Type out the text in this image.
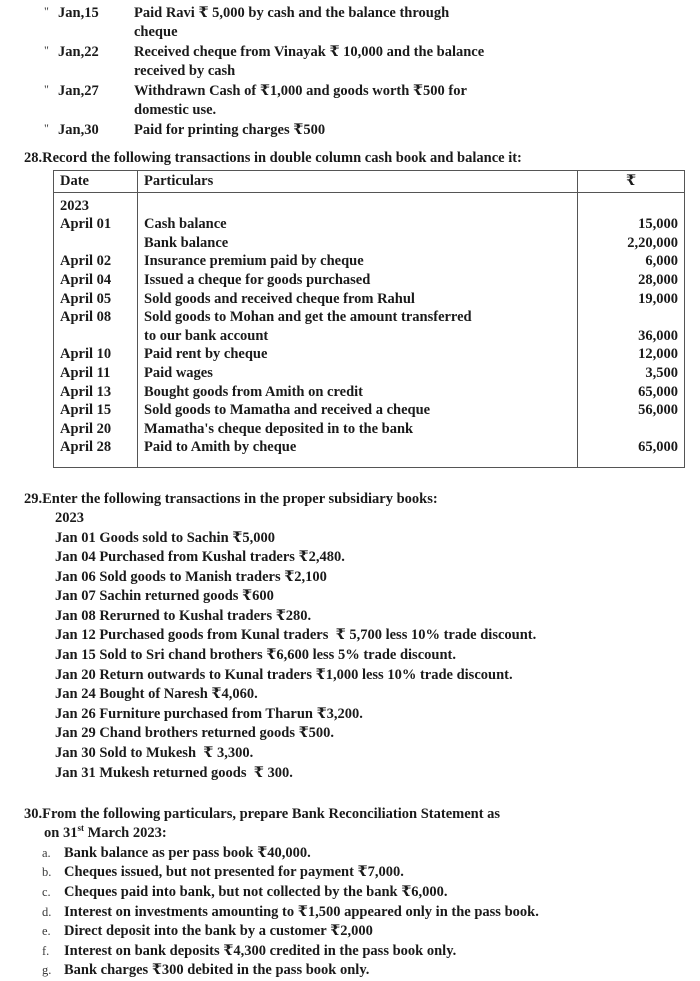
" Jan,15	Paid Ravi ₹ 5,000 by cash and the balance through
cheque
" Jan,22	Received cheque from Vinayak ₹ 10,000 and the balance
received by cash
" Jan,27	Withdrawn Cash of ₹1,000 and goods worth ₹500 for
domestic use.
" Jan,30	Paid for printing charges ₹500
28. Record the following transactions in double column cash book and balance it:
Date	Particulars	₹

2023		
April 01	Cash balance	15,000
	Bank balance	2,20,000
April 02	Insurance premium paid by cheque	6,000
April 04	Issued a cheque for goods purchased	28,000
April 05	Sold goods and received cheque from Rahul	19,000
April 08	Sold goods to Mohan and get the amount transferred	
	to our bank account	36,000
April 10	Paid rent by cheque	12,000
April 11	Paid wages	3,500
April 13	Bought goods from Amith on credit	65,000
April 15	Sold goods to Mamatha and received a cheque	56,000
April 20	Mamatha's cheque deposited in to the bank	
April 28	Paid to Amith by cheque	65,000

29. Enter the following transactions in the proper subsidiary books:
2023
Jan 01 Goods sold to Sachin ₹5,000
Jan 04 Purchased from Kushal traders ₹2,480.
Jan 06 Sold goods to Manish traders ₹2,100
Jan 07 Sachin returned goods ₹600
Jan 08 Rerurned to Kushal traders ₹280.
Jan 12 Purchased goods from Kunal traders  ₹ 5,700 less 10% trade discount.
Jan 15 Sold to Sri chand brothers ₹6,600 less 5% trade discount.
Jan 20 Return outwards to Kunal traders ₹1,000 less 10% trade discount.
Jan 24 Bought of Naresh ₹4,060.
Jan 26 Furniture purchased from Tharun ₹3,200.
Jan 29 Chand brothers returned goods ₹500.
Jan 30 Sold to Mukesh  ₹ 3,300.
Jan 31 Mukesh returned goods  ₹ 300.
30. From the following particulars, prepare Bank Reconciliation Statement as
on 31st March 2023:
a. Bank balance as per pass book ₹40,000.
b. Cheques issued, but not presented for payment ₹7,000.
c. Cheques paid into bank, but not collected by the bank ₹6,000.
d. Interest on investments amounting to ₹1,500 appeared only in the pass book.
e. Direct deposit into the bank by a customer ₹2,000
f.	Interest on bank deposits ₹4,300 credited in the pass book only.
g. Bank charges ₹300 debited in the pass book only.
